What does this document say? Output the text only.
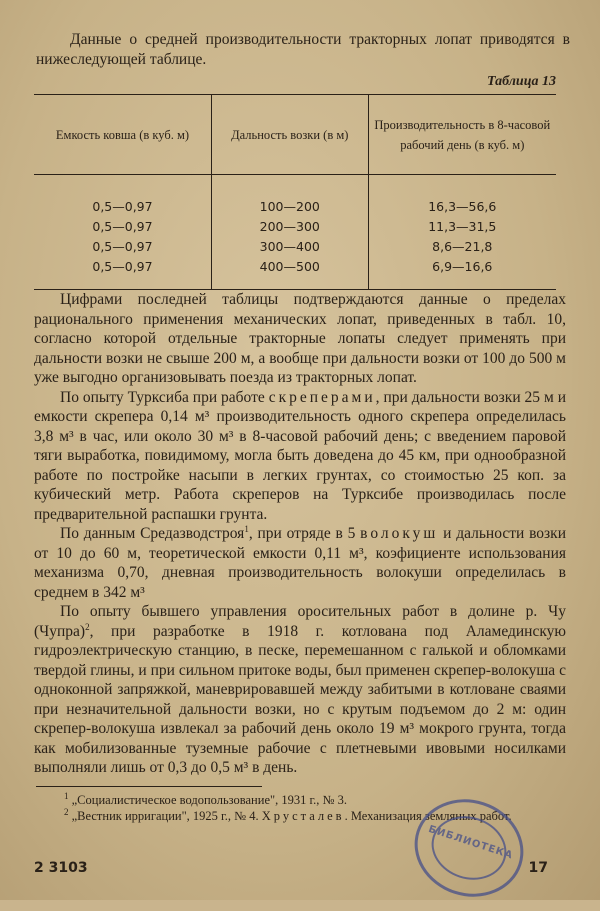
Данные о средней производительности тракторных лопат приводятся в нижеследующей таблице.
Таблица 13
Емкость ковша (в куб. м)	Дальность возки (в м)	Производительность в 8-часовой рабочий день (в куб. м)
0,5—0,97	100—200	16,3—56,6
0,5—0,97	200—300	11,3—31,5
0,5—0,97	300—400	8,6—21,8
0,5—0,97	400—500	6,9—16,6

Цифрами последней таблицы подтверждаются данные о пределах рационального применения механических лопат, приведенных в табл. 10, согласно которой отдельные тракторные лопаты следует применять при дальности возки не свыше 200 м, а вообще при дальности возки от 100 до 500 м уже выгодно организовывать поезда из тракторных лопат.

По опыту Турксиба при работе скреперами, при дальности возки 25 м и емкости скрепера 0,14 м³ производительность одного скрепера определилась 3,8 м³ в час, или около 30 м³ в 8-часовой рабочий день; с введением паровой тяги выработка, повидимому, могла быть доведена до 45 км, при однообразной работе по постройке насыпи в легких грунтах, со стоимостью 25 коп. за кубический метр. Работа скреперов на Турксибе производилась после предварительной распашки грунта.

По данным Средазводстроя$^1$, при отряде в 5 волокуш и дальности возки от 10 до 60 м, теоретической емкости 0,11 м³, коэфициенте использования механизма 0,70, дневная производительность волокуши определилась в среднем в 342 м³

По опыту бывшего управления оросительных работ в долине р. Чу (Чупра)$^2$, при разработке в 1918 г. котлована под Аламединскую гидроэлектрическую станцию, в песке, перемешанном с галькой и обломками твердой глины, и при сильном притоке воды, был применен скрепер-волокуша с одноконной запряжкой, маневрировавшей между забитыми в котловане сваями при незначительной дальности возки, но с крутым подъемом до 2 м: один скрепер-волокуша извлекал за рабочий день около 19 м³ мокрого грунта, тогда как мобилизованные туземные рабочие с плетневыми ивовыми носилками выполняли лишь от 0,3 до 0,5 м³ в день.

$^1$ „Социалистическое водопользование", 1931 г., № 3.

$^2$ „Вестник ирригации", 1925 г., № 4. Хрусталев. Механизация земляных работ.

БИБЛИОТЕКА
2 3103	17
